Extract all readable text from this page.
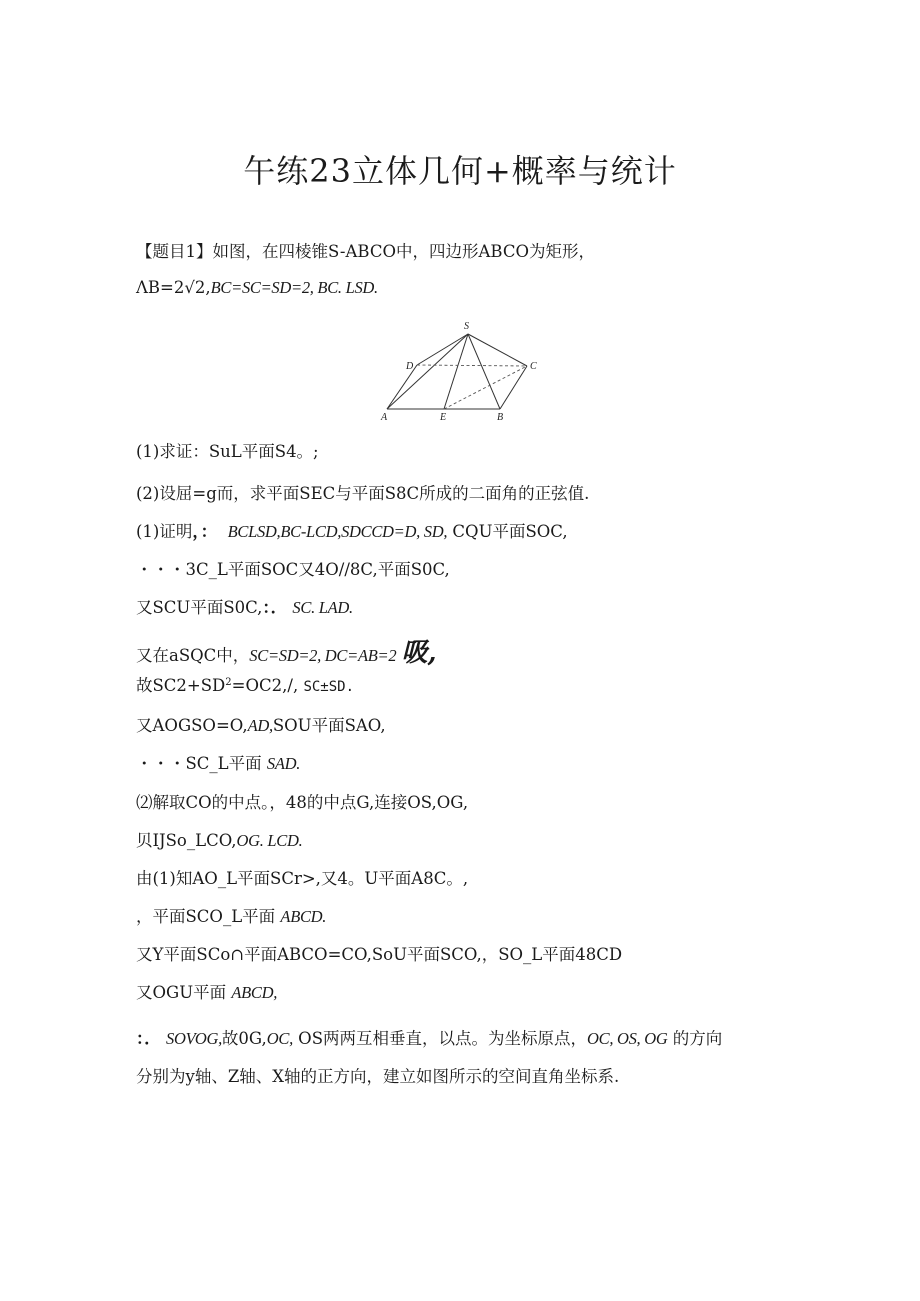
午练23立体几何+概率与统计
【题目1】如图，在四棱锥S-ABCO中，四边形ABCO为矩形，
ΛB=2√2,BC=SC=SD=2, BC. LSD.
S
D	C
A	E	B
(1)求证：SuL平面S4。;
(2)设屈=g而，求平面SEC与平面S8C所成的二面角的正弦值.
(1)证明，： BCLSD,BC-LCD,SDCCD=D, SD, CQU平面SOC,
・・・3C_L平面SOC又4O//8C,平面S0C,
又SCU平面S0C,：． SC. LAD.
又在aSQC中，SC=SD=2, DC=AB=2 吸,
故$SC2+SD^2=OC2,/$, SC±SD.
又AOGSO=O,AD,SOU平面SAO,
・・・SC_L平面 SAD.
⑵解取CO的中点。，48的中点G,连接OS,OG,
贝IJSo_LCO,OG. LCD.
由(1)知AO_L平面SCr>,又4。U平面A8C。,
，平面SCO_L平面 ABCD.
又Y平面SCo∩平面ABCO=CO,SoU平面SCO,，SO_L平面48CD
又OGU平面 ABCD,
：． SOVOG,故0G,OC, OS两两互相垂直，以点。为坐标原点，OC, OS, OG 的方向
分别为y轴、Z轴、X轴的正方向，建立如图所示的空间直角坐标系.
